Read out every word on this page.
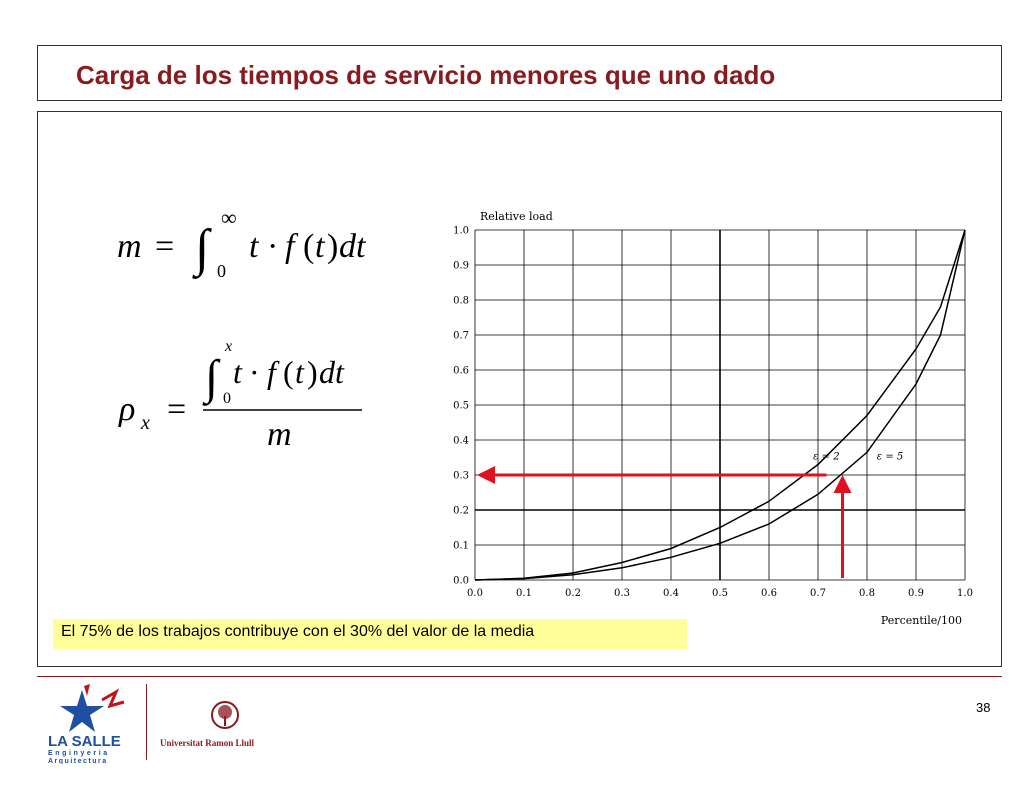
Carga de los tiempos de servicio menores que uno dado
m = ∫ 0
∞
t · f ( t ) dt
ρ x =
∫ 0
x
t · f ( t ) dt
m
0.0	0.1	0.2	0.3	0.4	0.5	0.6	0.7	0.8	0.9	1.0
0.0
0.1
0.2
0.3
0.4
0.5
0.6
0.7
0.8
0.9
1.0
ε = 2	ε = 5
Relative load
Percentile/100
El 75% de los trabajos contribuye con el 30% del valor de la media
LA SALLE
Enginyeria
Arquitectura
Universitat Ramon Llull
38
